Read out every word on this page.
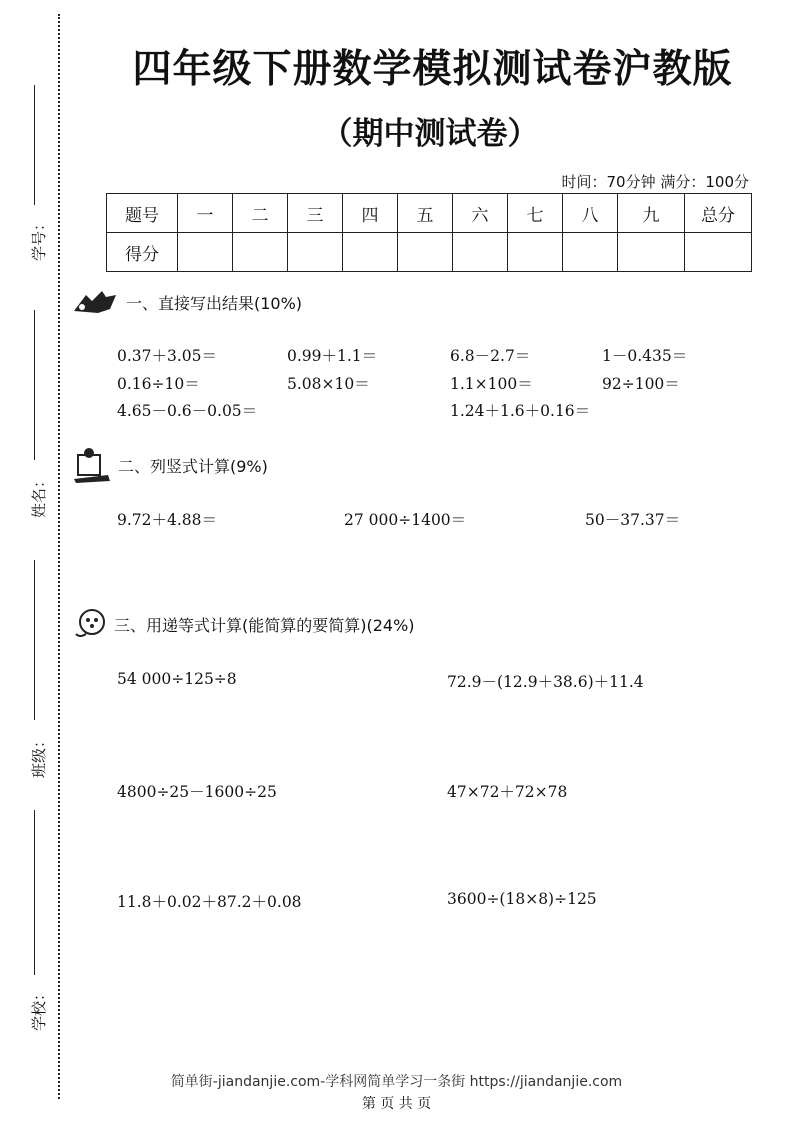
学号：
姓名：
班级：
学校：
四年级下册数学模拟测试卷沪教版
（期中测试卷）
时间：70分钟 满分：100分
题号	一	二	三	四	五	六	七	八	九	总分
得分										
一、直接写出结果(10%)
0.37＋3.05＝	0.99＋1.1＝	6.8－2.7＝	1－0.435＝
0.16÷10＝	5.08×10＝	1.1×100＝	92÷100＝
4.65－0.6－0.05＝	1.24＋1.6＋0.16＝
二、列竖式计算(9%)
9.72＋4.88＝	27 000÷1400＝	50－37.37＝
三、用递等式计算(能简算的要简算)(24%)
54 000÷125÷8	72.9－(12.9＋38.6)＋11.4
4800÷25－1600÷25	47×72＋72×78
11.8＋0.02＋87.2＋0.08	3600÷(18×8)÷125
简单街-jiandanjie.com-学科网简单学习一条街 https://jiandanjie.com
第 页 共 页
